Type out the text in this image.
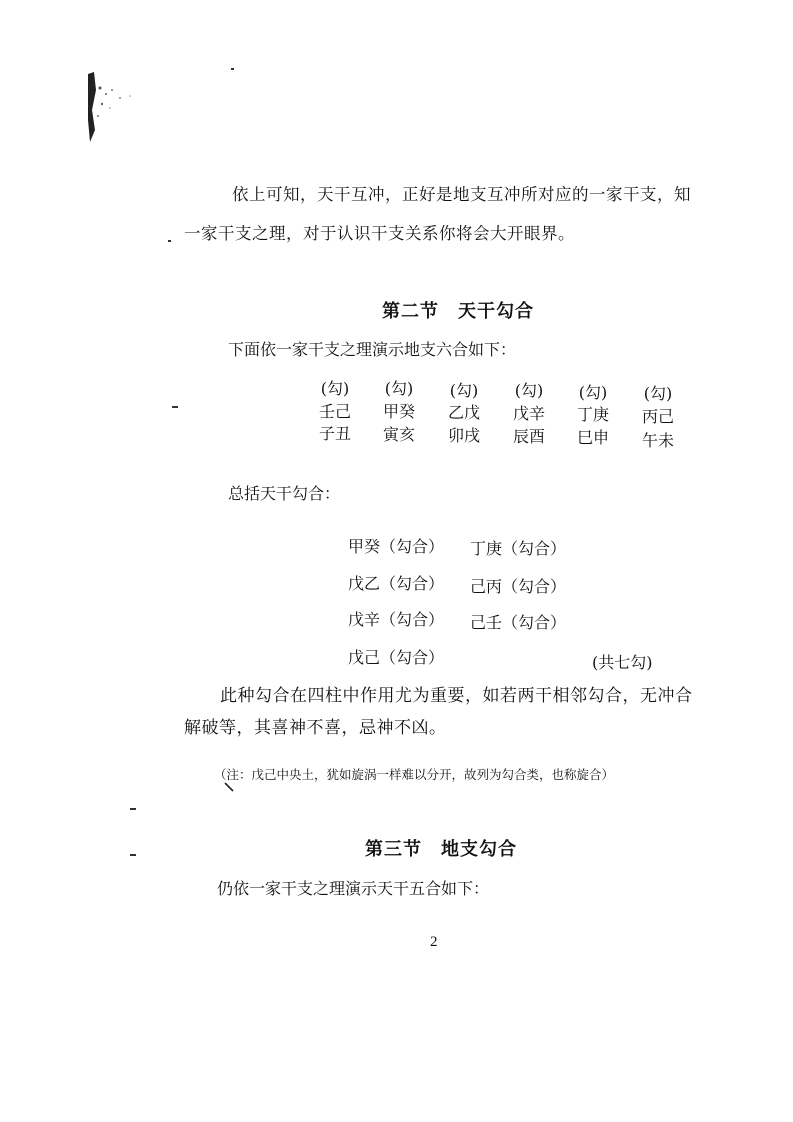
依上可知，天干互冲，正好是地支互冲所对应的一家干支，知
一家干支之理，对于认识干支关系你将会大开眼界。
第二节　天干勾合
下面依一家干支之理演示地支六合如下：
(勾)	(勾)	(勾)	(勾)	(勾)	(勾)
壬己	甲癸	乙戊	戊辛	丁庚	丙己
子丑	寅亥	卯戌	辰酉	巳申	午未
总括天干勾合：
甲癸（勾合） 丁庚（勾合）
戊乙（勾合） 己丙（勾合）
戊辛（勾合） 己壬（勾合）
戊己（勾合）	(共七勾)
此种勾合在四柱中作用尤为重要，如若两干相邻勾合，无冲合
解破等，其喜神不喜，忌神不凶。
（注：戊己中央土，犹如旋涡一样难以分开，故列为勾合类，也称旋合）
第三节　地支勾合
仍依一家干支之理演示天干五合如下：
2
